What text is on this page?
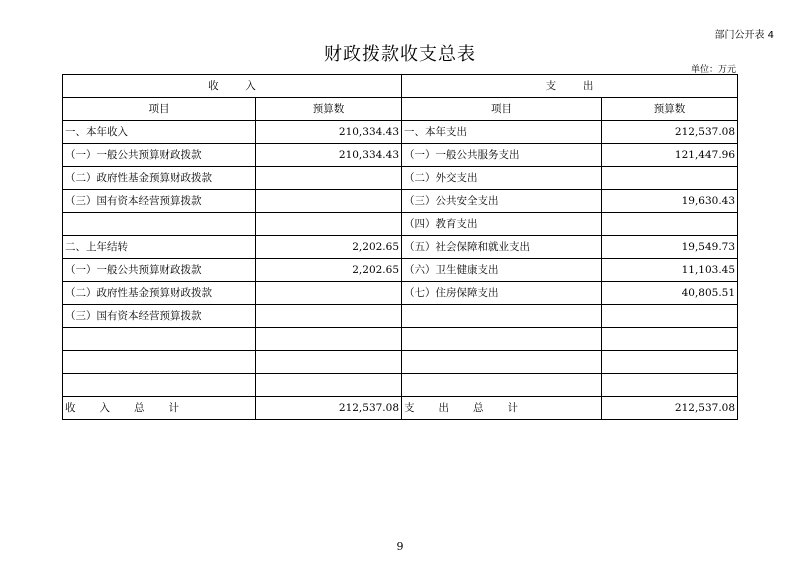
部门公开表 4
财政拨款收支总表
单位：万元
收        入		支        出	
项目	预算数	项目	预算数
一、本年收入	210,334.43	一、本年支出	212,537.08
（一）一般公共预算财政拨款	210,334.43	（一）一般公共服务支出	121,447.96
（二）政府性基金预算财政拨款		（二）外交支出	
（三）国有资本经营预算拨款		（三）公共安全支出	19,630.43
		（四）教育支出	
二、上年结转	2,202.65	（五）社会保障和就业支出	19,549.73
（一）一般公共预算财政拨款	2,202.65	（六）卫生健康支出	11,103.45
（二）政府性基金预算财政拨款		（七）住房保障支出	40,805.51
（三）国有资本经营预算拨款			

收入总计	212,537.08	支出总计	212,537.08
9
